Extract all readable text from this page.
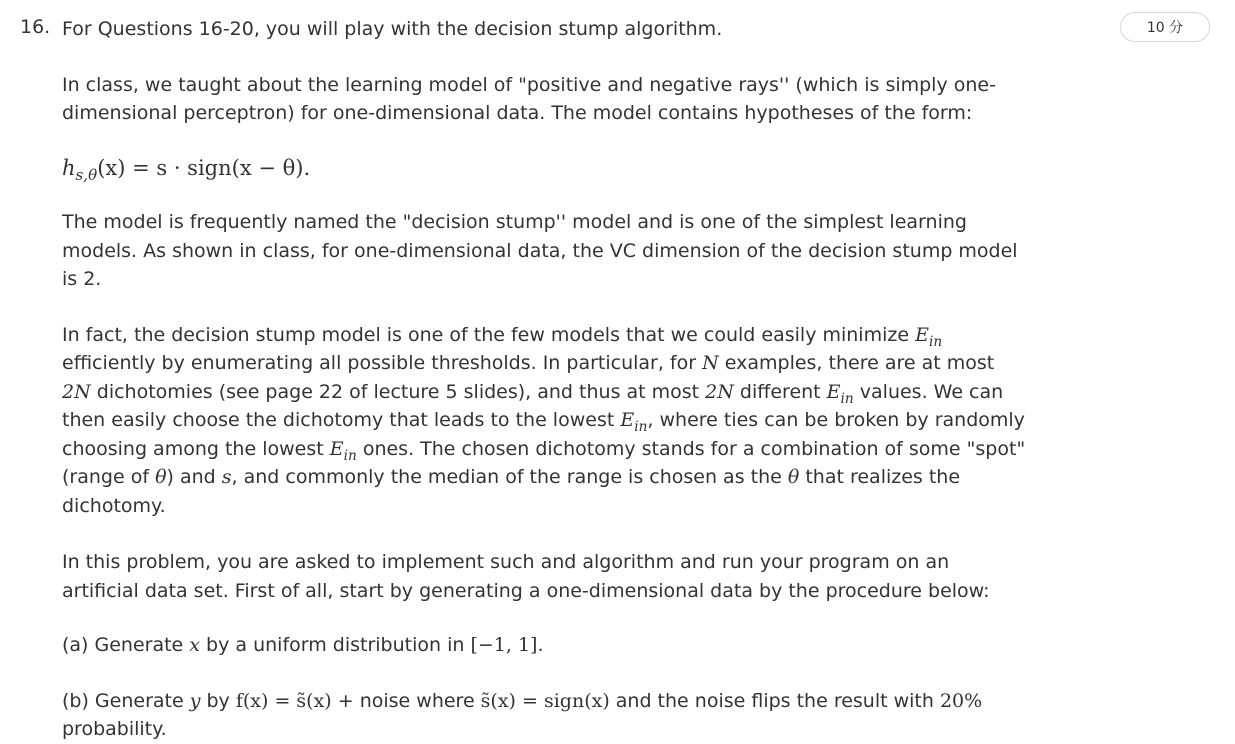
16.	10 分

For Questions 16-20, you will play with the decision stump algorithm.

In class, we taught about the learning model of "positive and negative rays'' (which is simply one-dimensional perceptron) for one-dimensional data. The model contains hypotheses of the form:

$h_{s,\theta}(x) = s$ · sign(x − θ).

The model is frequently named the "decision stump'' model and is one of the simplest learning models. As shown in class, for one-dimensional data, the VC dimension of the decision stump model is 2.

In fact, the decision stump model is one of the few models that we could easily minimize $E_{in}$ efficiently by enumerating all possible thresholds. In particular, for N examples, there are at most 2N dichotomies (see page 22 of lecture 5 slides), and thus at most 2N different $E_{in}$ values. We can then easily choose the dichotomy that leads to the lowest $E_{in}$, where ties can be broken by randomly choosing among the lowest $E_{in}$ ones. The chosen dichotomy stands for a combination of some "spot" (range of θ) and s, and commonly the median of the range is chosen as the θ that realizes the dichotomy.

In this problem, you are asked to implement such and algorithm and run your program on an artificial data set. First of all, start by generating a one-dimensional data by the procedure below:

(a) Generate x by a uniform distribution in [−1, 1].

(b) Generate y by f(x) = s̃(x) + noise where s̃(x) = sign(x) and the noise flips the result with 20% probability.
